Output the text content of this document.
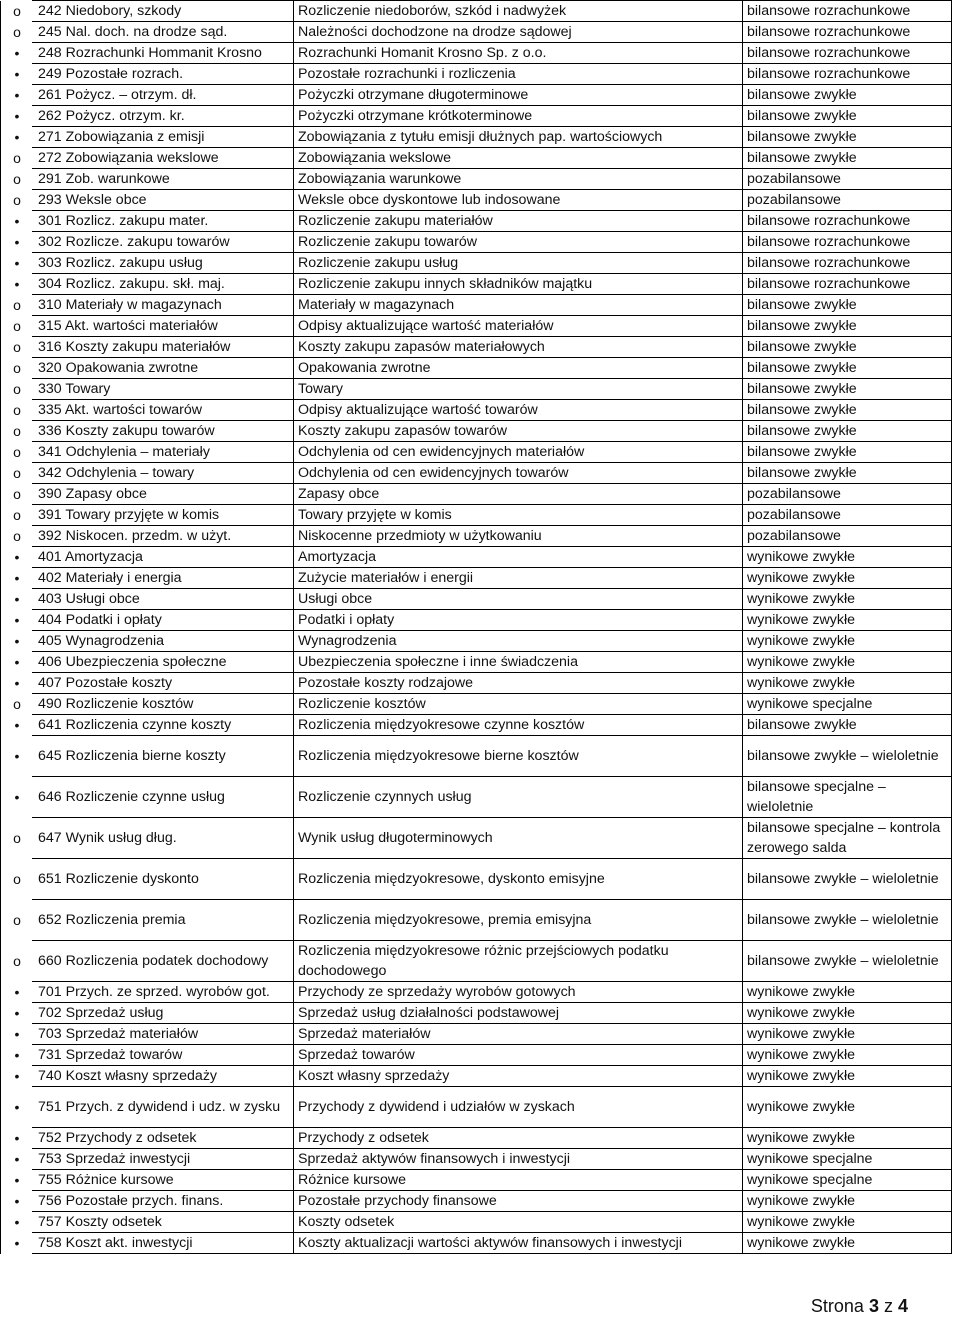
o	242 Niedobory, szkody	Rozliczenie niedoborów, szkód i nadwyżek	bilansowe rozrachunkowe
o	245 Nal. doch. na drodze sąd.	Należności dochodzone na drodze sądowej	bilansowe rozrachunkowe
•	248 Rozrachunki Hommanit Krosno	Rozrachunki Homanit Krosno Sp. z o.o.	bilansowe rozrachunkowe
•	249 Pozostałe rozrach.	Pozostałe rozrachunki i rozliczenia	bilansowe rozrachunkowe
•	261 Pożycz. – otrzym. dł.	Pożyczki otrzymane długoterminowe	bilansowe zwykłe
•	262 Pożycz. otrzym. kr.	Pożyczki otrzymane krótkoterminowe	bilansowe zwykłe
•	271 Zobowiązania z emisji	Zobowiązania z tytułu emisji dłużnych pap. wartościowych	bilansowe zwykłe
o	272 Zobowiązania wekslowe	Zobowiązania wekslowe	bilansowe zwykłe
o	291 Zob. warunkowe	Zobowiązania warunkowe	pozabilansowe
o	293 Weksle obce	Weksle obce dyskontowe lub indosowane	pozabilansowe
•	301 Rozlicz. zakupu mater.	Rozliczenie zakupu materiałów	bilansowe rozrachunkowe
•	302 Rozlicze. zakupu towarów	Rozliczenie zakupu towarów	bilansowe rozrachunkowe
•	303 Rozlicz. zakupu usług	Rozliczenie zakupu usług	bilansowe rozrachunkowe
•	304 Rozlicz. zakupu. skł. maj.	Rozliczenie zakupu innych składników majątku	bilansowe rozrachunkowe
o	310 Materiały w magazynach	Materiały w magazynach	bilansowe zwykłe
o	315 Akt. wartości materiałów	Odpisy aktualizujące wartość materiałów	bilansowe zwykłe
o	316 Koszty zakupu materiałów	Koszty zakupu zapasów materiałowych	bilansowe zwykłe
o	320 Opakowania zwrotne	Opakowania zwrotne	bilansowe zwykłe
o	330 Towary	Towary	bilansowe zwykłe
o	335 Akt. wartości towarów	Odpisy aktualizujące wartość towarów	bilansowe zwykłe
o	336 Koszty zakupu towarów	Koszty zakupu zapasów towarów	bilansowe zwykłe
o	341 Odchylenia – materiały	Odchylenia od cen ewidencyjnych materiałów	bilansowe zwykłe
o	342 Odchylenia – towary	Odchylenia od cen ewidencyjnych towarów	bilansowe zwykłe
o	390 Zapasy obce	Zapasy obce	pozabilansowe
o	391 Towary przyjęte w komis	Towary przyjęte w komis	pozabilansowe
o	392 Niskocen. przedm. w użyt.	Niskocenne przedmioty w użytkowaniu	pozabilansowe
•	401 Amortyzacja	Amortyzacja	wynikowe zwykłe
•	402 Materiały i energia	Zużycie materiałów i energii	wynikowe zwykłe
•	403 Usługi obce	Usługi obce	wynikowe zwykłe
•	404 Podatki i opłaty	Podatki i opłaty	wynikowe zwykłe
•	405 Wynagrodzenia	Wynagrodzenia	wynikowe zwykłe
•	406 Ubezpieczenia społeczne	Ubezpieczenia społeczne i inne świadczenia	wynikowe zwykłe
•	407 Pozostałe koszty	Pozostałe koszty rodzajowe	wynikowe zwykłe
o	490 Rozliczenie kosztów	Rozliczenie kosztów	wynikowe specjalne
•	641 Rozliczenia czynne koszty	Rozliczenia międzyokresowe czynne kosztów	bilansowe zwykłe
•	645 Rozliczenia bierne koszty	Rozliczenia międzyokresowe bierne kosztów	bilansowe zwykłe – wieloletnie
•	646 Rozliczenie czynne usług	Rozliczenie czynnych usług	bilansowe specjalne – wieloletnie
o	647 Wynik usług dług.	Wynik usług długoterminowych	bilansowe specjalne – kontrola zerowego salda
o	651 Rozliczenie dyskonto	Rozliczenia międzyokresowe, dyskonto emisyjne	bilansowe zwykłe – wieloletnie
o	652 Rozliczenia premia	Rozliczenia międzyokresowe, premia emisyjna	bilansowe zwykłe – wieloletnie
o	660 Rozliczenia podatek dochodowy	Rozliczenia międzyokresowe różnic przejściowych podatku dochodowego	bilansowe zwykłe – wieloletnie
•	701 Przych. ze sprzed. wyrobów got.	Przychody ze sprzedaży wyrobów gotowych	wynikowe zwykłe
•	702 Sprzedaż usług	Sprzedaż usług działalności podstawowej	wynikowe zwykłe
•	703 Sprzedaż materiałów	Sprzedaż materiałów	wynikowe zwykłe
•	731 Sprzedaż towarów	Sprzedaż towarów	wynikowe zwykłe
•	740 Koszt własny sprzedaży	Koszt własny sprzedaży	wynikowe zwykłe
•	751 Przych. z dywidend i udz. w zysku	Przychody z dywidend i udziałów w zyskach	wynikowe zwykłe
•	752 Przychody z odsetek	Przychody z odsetek	wynikowe zwykłe
•	753 Sprzedaż inwestycji	Sprzedaż aktywów finansowych i inwestycji	wynikowe specjalne
•	755 Różnice kursowe	Różnice kursowe	wynikowe specjalne
•	756 Pozostałe przych. finans.	Pozostałe przychody finansowe	wynikowe zwykłe
•	757 Koszty odsetek	Koszty odsetek	wynikowe zwykłe
•	758 Koszt akt. inwestycji	Koszty aktualizacji wartości aktywów finansowych i inwestycji	wynikowe zwykłe
Strona 3 z 4
